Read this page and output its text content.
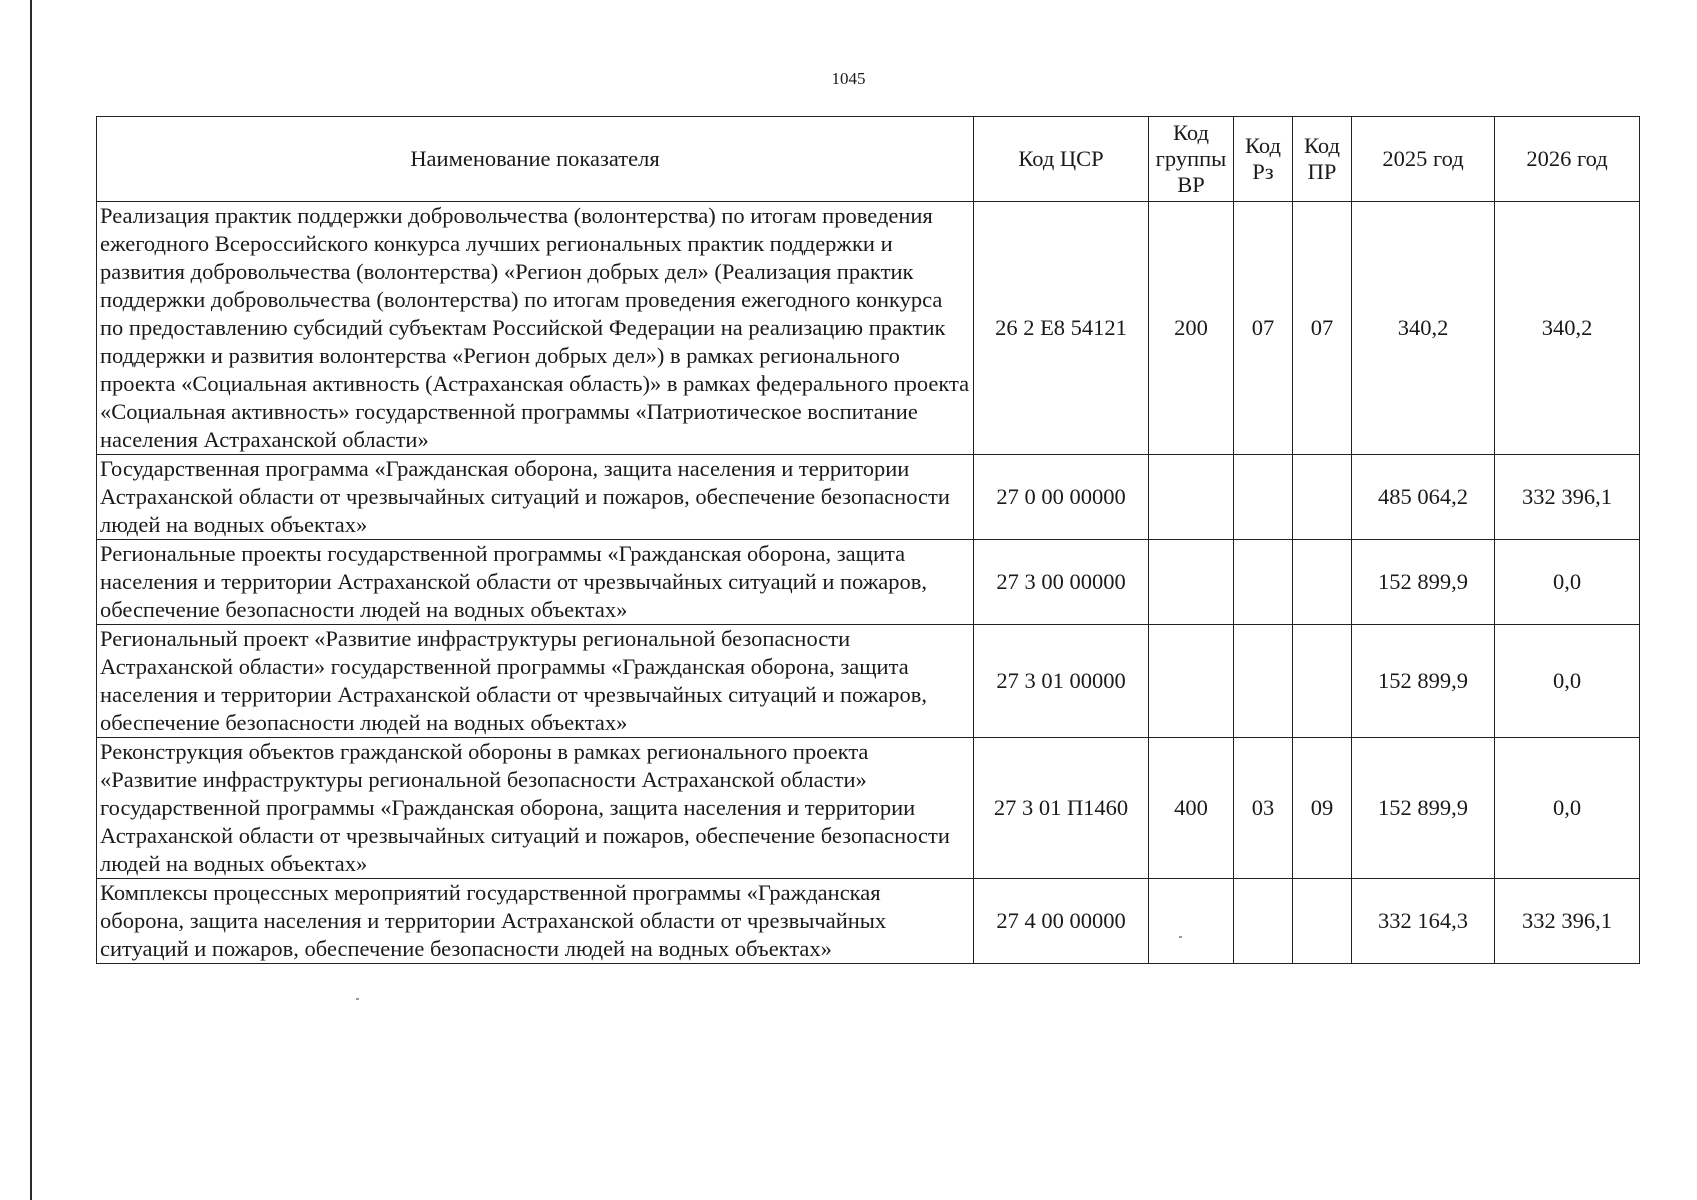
1045
Наименование показателя	Код ЦСР	Код группы ВР	Код Рз	Код ПР	2025 год	2026 год
Реализация практик поддержки добровольчества (волонтерства) по итогам проведения ежегодного Всероссийского конкурса лучших региональных практик поддержки и развития добровольчества (волонтерства) «Регион добрых дел» (Реализация практик поддержки добровольчества (волонтерства) по итогам проведения ежегодного конкурса по предоставлению субсидий субъектам Российской Федерации на реализацию практик поддержки и развития волонтерства «Регион добрых дел») в рамках регионального проекта «Социальная активность (Астраханская область)» в рамках федерального проекта «Социальная активность» государственной программы «Патриотическое воспитание населения Астраханской области»	26 2 Е8 54121	200	07	07	340,2	340,2
Государственная программа «Гражданская оборона, защита населения и территории Астраханской области от чрезвычайных ситуаций и пожаров, обеспечение безопасности людей на водных объектах»	27 0 00 00000				485 064,2	332 396,1
Региональные проекты государственной программы «Гражданская оборона, защита населения и территории Астраханской области от чрезвычайных ситуаций и пожаров, обеспечение безопасности людей на водных объектах»	27 3 00 00000				152 899,9	0,0
Региональный проект «Развитие инфраструктуры региональной безопасности Астраханской области» государственной программы «Гражданская оборона, защита населения и территории Астраханской области от чрезвычайных ситуаций и пожаров, обеспечение безопасности людей на водных объектах»	27 3 01 00000				152 899,9	0,0
Реконструкция объектов гражданской обороны в рамках регионального проекта «Развитие инфраструктуры региональной безопасности Астраханской области» государственной программы «Гражданская оборона, защита населения и территории Астраханской области от чрезвычайных ситуаций и пожаров, обеспечение безопасности людей на водных объектах»	27 3 01 П1460	400	03	09	152 899,9	0,0
Комплексы процессных мероприятий государственной программы «Гражданская оборона, защита населения и территории Астраханской области от чрезвычайных ситуаций и пожаров, обеспечение безопасности людей на водных объектах»	27 4 00 00000				332 164,3	332 396,1
